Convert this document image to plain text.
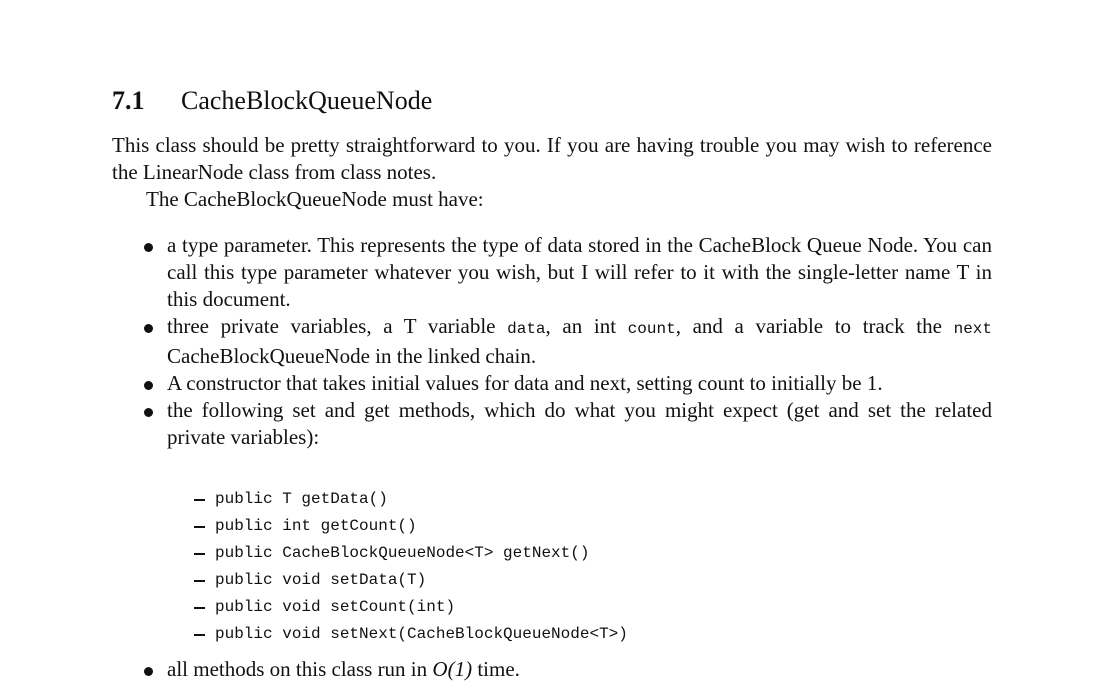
7.1 CacheBlockQueueNode
This class should be pretty straightforward to you. If you are having trouble you may wish to reference the LinearNode class from class notes.
The CacheBlockQueueNode must have:
a type parameter. This represents the type of data stored in the CacheBlock Queue Node. You can call this type parameter whatever you wish, but I will refer to it with the single-letter name T in this document.
three private variables, a T variable data, an int count, and a variable to track the next CacheBlockQueueNode in the linked chain.
A constructor that takes initial values for data and next, setting count to initially be 1.
the following set and get methods, which do what you might expect (get and set the related private variables):
public T getData()
public int getCount()
public CacheBlockQueueNode<T> getNext()
public void setData(T)
public void setCount(int)
public void setNext(CacheBlockQueueNode<T>)
all methods on this class run in O(1) time.
